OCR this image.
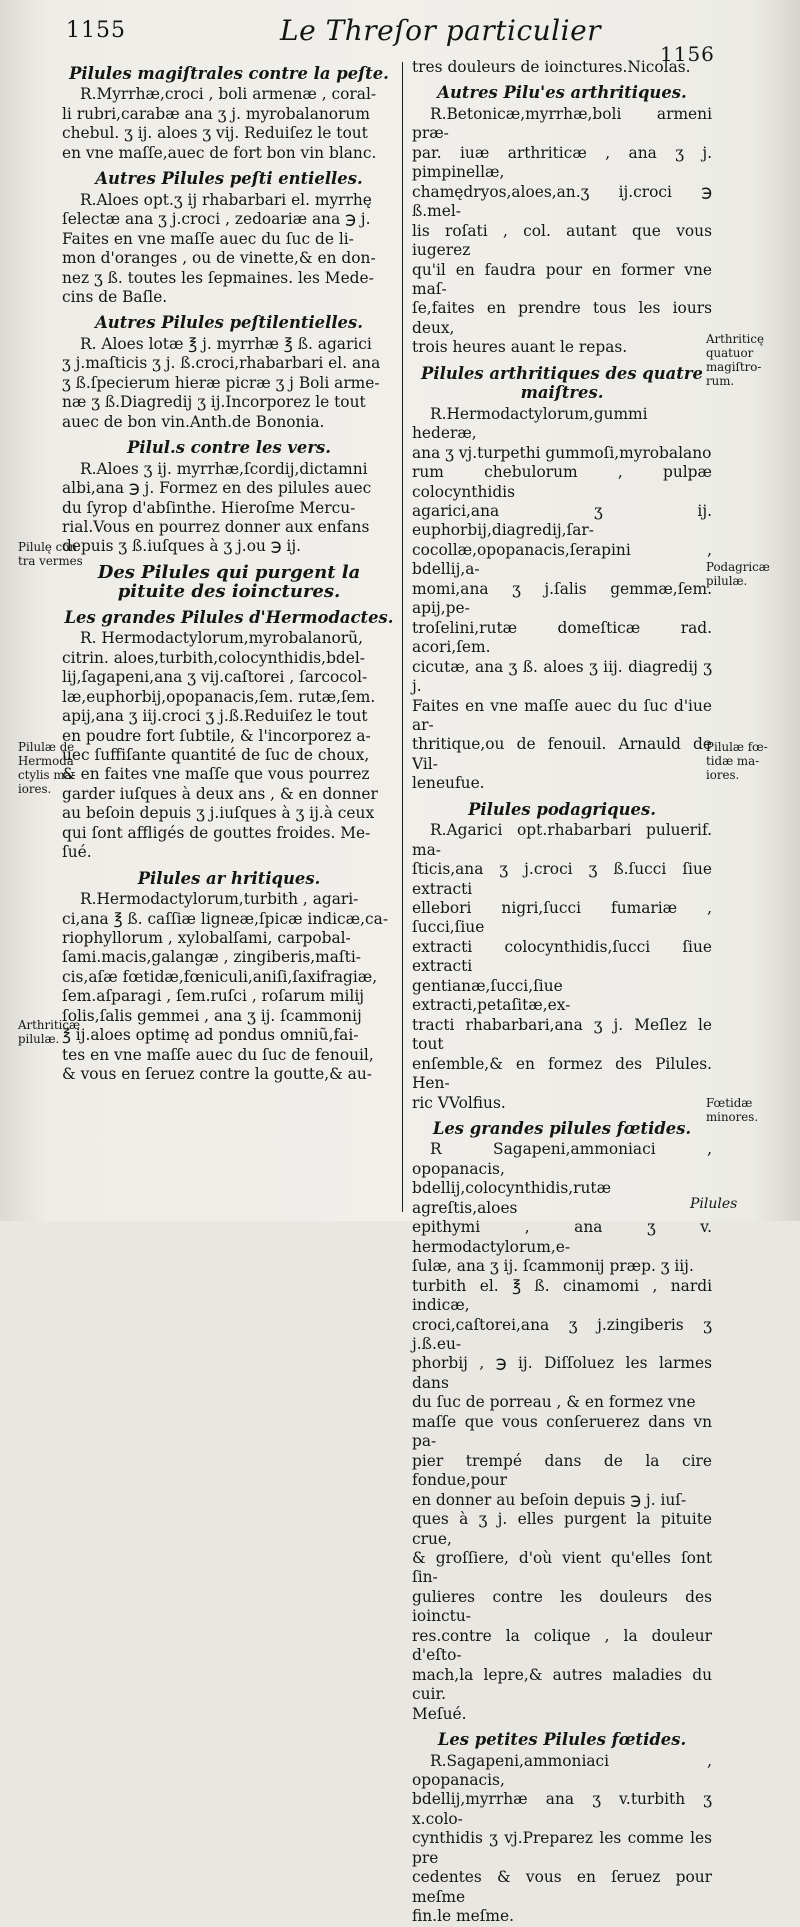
1155	Le Threſor particulier
1156
Pilules magiſtrales contre la peſte.
R.Myrrhæ,croci , boli armenæ , coral-
li rubri,carabæ ana ʒ j. myrobalanorum
chebul. ʒ ij. aloes ʒ vij. Reduiſez le tout
en vne maſſe,auec de fort bon vin blanc.
Autres Pilules peſti entielles.
R.Aloes opt.ʒ ij rhabarbari el. myrrhę
ſelectæ ana ʒ j.croci , zedoariæ ana ℈ j.
Faites en vne maſſe auec du ſuc de li-
mon d'oranges , ou de vinette,& en don-
nez ʒ ß. toutes les ſepmaines. les Mede-
cins de Baſle.
Autres Pilules peſtilentielles.
R. Aloes lotæ ℥ j. myrrhæ ℥ ß. agarici
ʒ j.maſticis ʒ j. ß.croci,rhabarbari el. ana
ʒ ß.ſpecierum hieræ picræ ʒ j Boli arme-
næ ʒ ß.Diagredij ʒ ij.Incorporez le tout
auec de bon vin.Anth.de Bononia.
Pilul.s contre les vers.
R.Aloes ʒ ij. myrrhæ,ſcordij,dictamni
albi,ana ℈ j. Formez en des pilules auec
du ſyrop d'abſinthe. Hieroſme Mercu-
rial.Vous en pourrez donner aux enfans
depuis ʒ ß.iuſques à ʒ j.ou ℈ ij.
Des Pilules qui purgent la pituite des ioinctures.
Les grandes Pilules d'Hermodactes.
R. Hermodactylorum,myrobalanorũ,
citrin. aloes,turbith,colocynthidis,bdel-
lij,ſagapeni,ana ʒ vij.caſtorei , ſarcocol-
læ,euphorbij,opopanacis,ſem. rutæ,ſem.
apij,ana ʒ iij.croci ʒ j.ß.Reduiſez le tout
en poudre fort ſubtile, & l'incorporez a-
uec ſuffiſante quantité de ſuc de choux,
& en faites vne maſſe que vous pourrez
garder iuſques à deux ans , & en donner
au beſoin depuis ʒ j.iuſques à ʒ ij.à ceux
qui ſont affligés de gouttes froides. Me-
ſué.
Pilules ar hritiques.
R.Hermodactylorum,turbith , agari-
ci,ana ℥ ß. caſſiæ ligneæ,ſpicæ indicæ,ca-
riophyllorum , xylobalſami, carpobal-
ſami.macis,galangæ , zingiberis,maſti-
cis,aſæ fœtidæ,fœniculi,aniſi,ſaxifragiæ,
ſem.aſparagi , ſem.ruſci , roſarum milij
ſolis,ſalis gemmei , ana ʒ ij. ſcammonij
℥ ij.aloes optimę ad pondus omniũ,fai-
tes en vne maſſe auec du ſuc de fenouil,
& vous en ſeruez contre la goutte,& au-
tres douleurs de ioinctures.Nicolas.
Autres Pilu'es arthritiques.
R.Betonicæ,myrrhæ,boli armeni præ-
par. iuæ arthriticæ , ana ʒ j. pimpinellæ,
chamędryos,aloes,an.ʒ ij.croci ℈ ß.mel-
lis roſati , col. autant que vous iugerez
qu'il en faudra pour en former vne maſ-
ſe,faites en prendre tous les iours deux,
trois heures auant le repas.
Pilules arthritiques des quatre maiſtres.
R.Hermodactylorum,gummi hederæ,
ana ʒ vj.turpethi gummoſi,myrobalano
rum chebulorum , pulpæ colocynthidis
agarici,ana ʒ ij. euphorbij,diagredij,ſar-
cocollæ,opopanacis,ſerapini , bdellij,a-
momi,ana ʒ j.ſalis gemmæ,ſem. apij,pe-
troſelini,rutæ domeſticæ rad. acori,ſem.
cicutæ, ana ʒ ß. aloes ʒ iij. diagredij ʒ j.
Faites en vne maſſe auec du ſuc d'iue ar-
thritique,ou de fenouil. Arnauld de Vil-
leneufue.
Pilules podagriques.
R.Agarici opt.rhabarbari puluerif. ma-
ſticis,ana ʒ j.croci ʒ ß.ſucci ſiue extracti
ellebori nigri,ſucci fumariæ , ſucci,ſiue
extracti colocynthidis,ſucci ſiue extracti
gentianæ,ſucci,ſiue extracti,petaſitæ,ex-
tracti rhabarbari,ana ʒ j. Meſlez le tout
enſemble,& en formez des Pilules. Hen-
ric VVolfius.
Les grandes pilules fœtides.
R Sagapeni,ammoniaci , opopanacis,
bdellij,colocynthidis,rutæ agreſtis,aloes
epithymi , ana ʒ v. hermodactylorum,e-
ſulæ, ana ʒ ij. ſcammonij præp. ʒ iij.
turbith el. ℥ ß. cinamomi , nardi indicæ,
croci,caſtorei,ana ʒ j.zingiberis ʒ j.ß.eu-
phorbij , ℈ ij. Diſſoluez les larmes dans
du ſuc de porreau , & en formez vne
maſſe que vous conſeruerez dans vn pa-
pier trempé dans de la cire fondue,pour
en donner au beſoin depuis ℈ j. iuſ-
ques à ʒ j. elles purgent la pituite crue,
& groſſiere, d'où vient qu'elles ſont ſin-
gulieres contre les douleurs des ioinctu-
res.contre la colique , la douleur d'eſto-
mach,la lepre,& autres maladies du cuir.
Meſué.
Les petites Pilules fœtides.
R.Sagapeni,ammoniaci , opopanacis,
bdellij,myrrhæ ana ʒ v.turbith ʒ x.colo-
cynthidis ʒ vj.Preparez les comme les pre
cedentes & vous en ſeruez pour meſme
fin.le meſme.
Pilulę con tra vermes
Pilulæ de Hermoda ctylis ma- iores.
Arthriticæ pilulæ.
Arthriticę quatuor magiſtro- rum.
Podagricæ pilulæ.
Pilulæ fœ- tidæ ma- iores.
Fœtidæ minores.
Pilules
